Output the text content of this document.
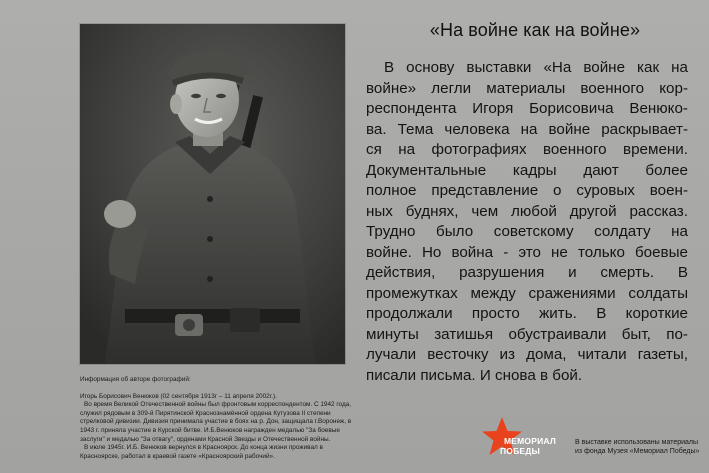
«На войне как на войне»
В основу выставки «На войне как на
войне» легли материалы военного кор-
респондента Игоря Борисовича Венюко-
ва. Тема человека на войне раскрывает-
ся на фотографиях военного времени.
Документальные кадры дают более
полное представление о суровых воен-
ных буднях, чем любой другой рассказ.
Трудно было советскому солдату на
войне. Но война - это не только боевые
действия, разрушения и смерть. В
промежутках между сражениями солдаты
продолжали просто жить. В короткие
минуты затишья обустраивали быт, по-
лучали весточку из дома, читали газеты,
писали письма. И снова в бой.
Информация об авторе фотографий:
Игорь Борисович Венюков (02 сентября 1913г – 11 апреля 2002г.).
Во время Великой Отечественной войны был фронтовым корреспондентом. С 1942 года,
служил рядовым в 309-й Пирятинской Краснознамённой ордена Кутузова II степени
стрелковой дивизии. Дивизия принимала участие в боях на р. Дон, защищала г.Воронеж, в
1943 г. приняла участие в Курской битве. И.Б.Венюков награжден медалью "За боевые
заслуги" и медалью "За отвагу", орденами Красной Звезды и Отечественной войны.
В июле 1945г. И.Б. Венюков вернулся в Красноярск. До конца жизни проживал в
Красноярске, работал в краевой газете «Красноярский рабочий».
МЕМОРИАЛ
ПОБЕДЫ
В выставке использованы материалы
из фонда Музея «Мемориал Победы»
